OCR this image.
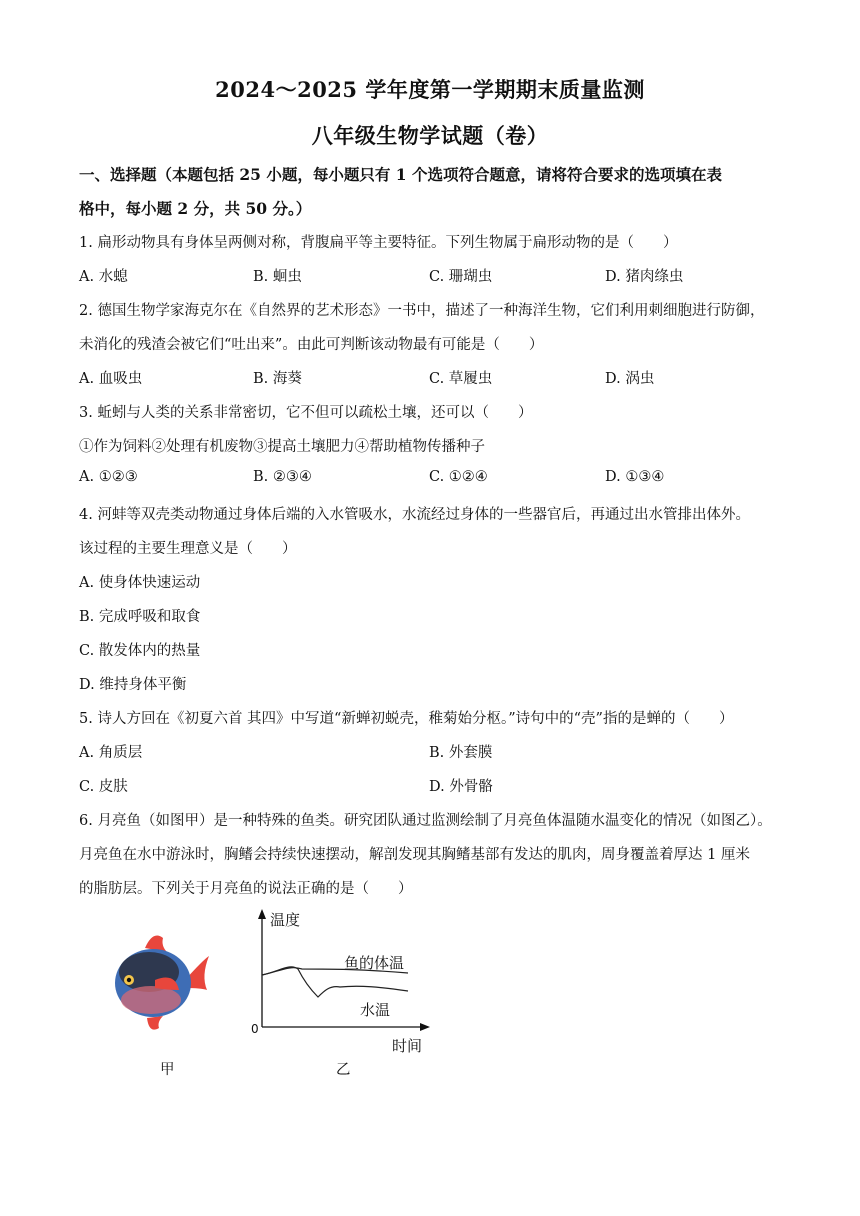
2024～2025 学年度第一学期期末质量监测
八年级生物学试题（卷）
一、选择题（本题包括 25 小题，每小题只有 1 个选项符合题意，请将符合要求的选项填在表
格中，每小题 2 分，共 50 分。）
1. 扁形动物具有身体呈两侧对称，背腹扁平等主要特征。下列生物属于扁形动物的是（　　）
A. 水螅	B. 蛔虫	C. 珊瑚虫	D. 猪肉绦虫
2. 德国生物学家海克尔在《自然界的艺术形态》一书中，描述了一种海洋生物，它们利用刺细胞进行防御，
未消化的残渣会被它们“吐出来”。由此可判断该动物最有可能是（　　）
A. 血吸虫	B. 海葵	C. 草履虫	D. 涡虫
3. 蚯蚓与人类的关系非常密切，它不但可以疏松土壤，还可以（　　）
①作为饲料②处理有机废物③提高土壤肥力④帮助植物传播种子
A. ①②③	B. ②③④	C. ①②④	D. ①③④
4. 河蚌等双壳类动物通过身体后端的入水管吸水，水流经过身体的一些器官后，再通过出水管排出体外。
该过程的主要生理意义是（　　）
A. 使身体快速运动
B. 完成呼吸和取食
C. 散发体内的热量
D. 维持身体平衡
5. 诗人方回在《初夏六首 其四》中写道“新蝉初蜕壳，稚菊始分枢。”诗句中的“壳”指的是蝉的（　　）
A. 角质层	B. 外套膜
C. 皮肤	D. 外骨骼
6. 月亮鱼（如图甲）是一种特殊的鱼类。研究团队通过监测绘制了月亮鱼体温随水温变化的情况（如图乙）。
月亮鱼在水中游泳时，胸鳍会持续快速摆动，解剖发现其胸鳍基部有发达的肌肉，周身覆盖着厚达 1 厘米
的脂肪层。下列关于月亮鱼的说法正确的是（　　）
甲
温度
0
时间
鱼的体温
水温
乙
